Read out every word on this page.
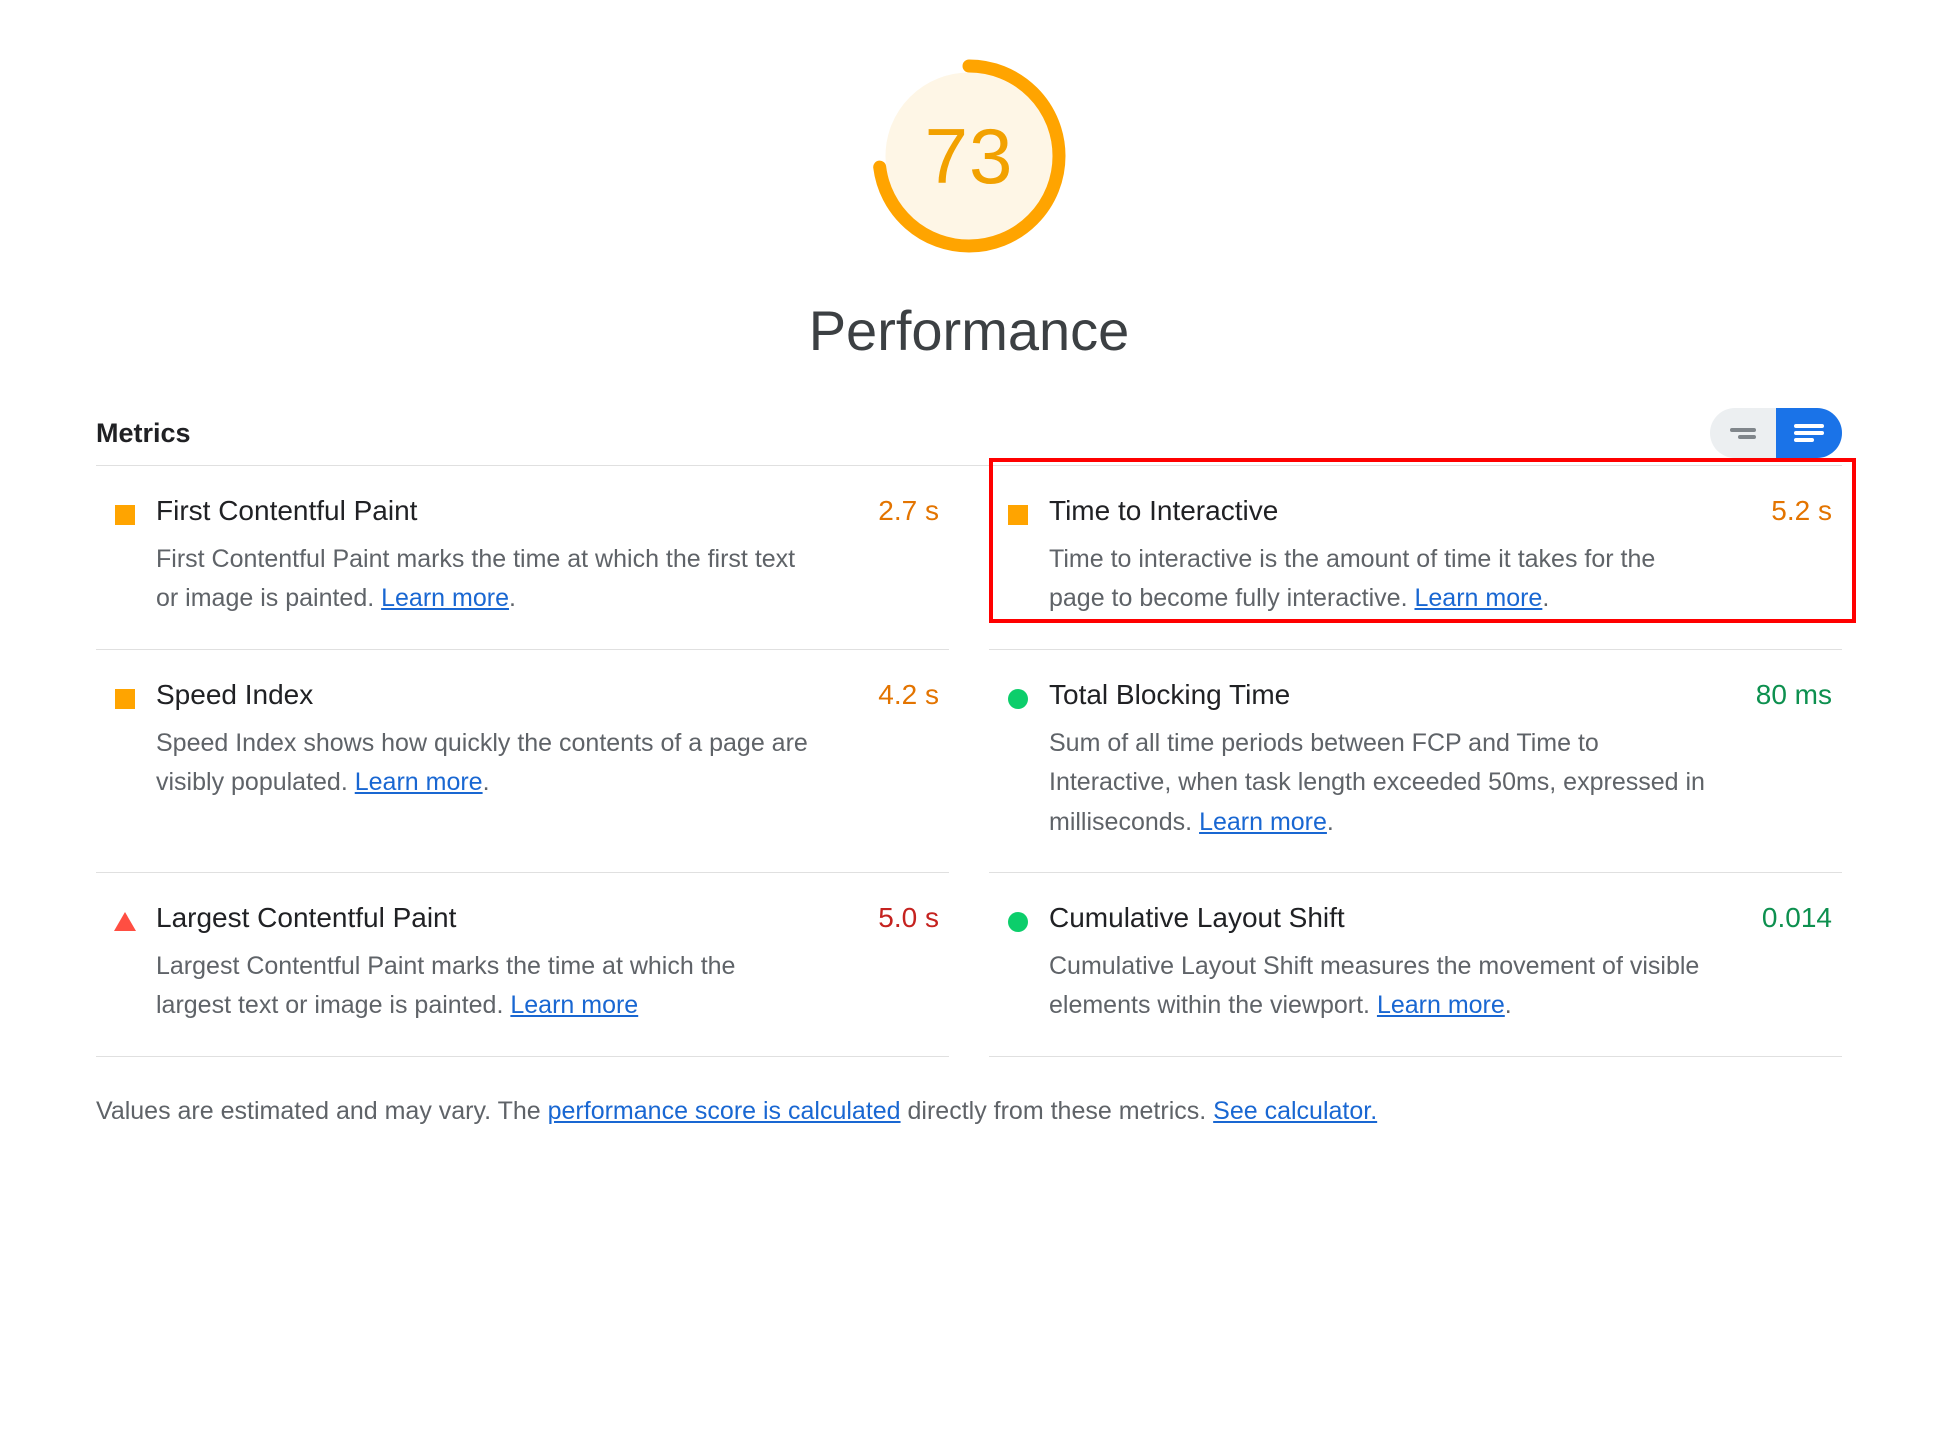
73
Performance
Metrics
First Contentful Paint	2.7 s
First Contentful Paint marks the time at which the first text or image is painted. Learn more.
Time to Interactive	5.2 s
Time to interactive is the amount of time it takes for the page to become fully interactive. Learn more.
Speed Index	4.2 s
Speed Index shows how quickly the contents of a page are visibly populated. Learn more.
Total Blocking Time	80 ms
Sum of all time periods between FCP and Time to Interactive, when task length exceeded 50ms, expressed in milliseconds. Learn more.
Largest Contentful Paint	5.0 s
Largest Contentful Paint marks the time at which the largest text or image is painted. Learn more
Cumulative Layout Shift	0.014
Cumulative Layout Shift measures the movement of visible elements within the viewport. Learn more.
Values are estimated and may vary. The performance score is calculated directly from these metrics. See calculator.
